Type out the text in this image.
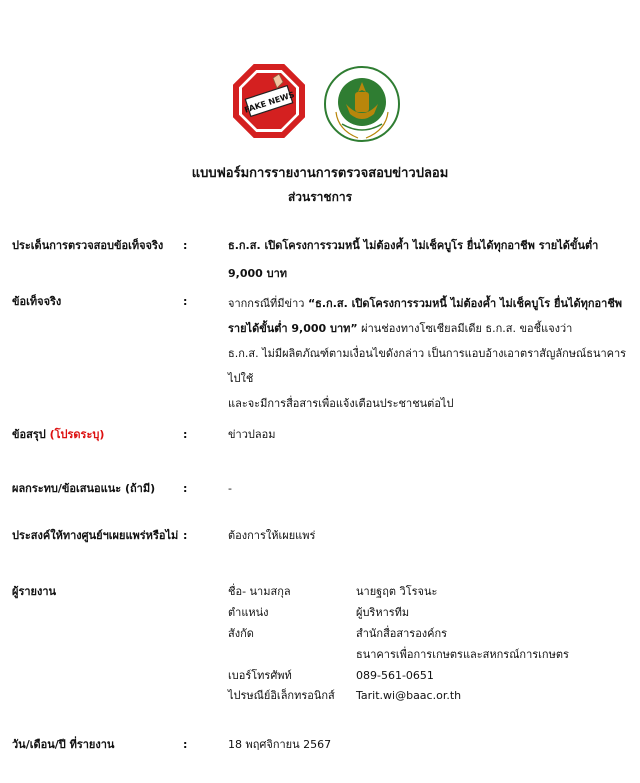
FAKE NEWS
แบบฟอร์มการรายงานการตรวจสอบข่าวปลอม
ส่วนราชการ
ประเด็นการตรวจสอบข้อเท็จจริง :	ธ.ก.ส. เปิดโครงการรวมหนี้ ไม่ต้องค้ำ ไม่เช็คบูโร ยื่นได้ทุกอาชีพ รายได้ขั้นต่ำ
9,000 บาท
ข้อเท็จจริง	:	จากกรณีที่มีข่าว “ธ.ก.ส. เปิดโครงการรวมหนี้ ไม่ต้องค้ำ ไม่เช็คบูโร ยื่นได้ทุกอาชีพ
รายได้ขั้นต่ำ 9,000 บาท” ผ่านช่องทางโซเชียลมีเดีย ธ.ก.ส. ขอชี้แจงว่า
ธ.ก.ส. ไม่มีผลิตภัณฑ์ตามเงื่อนไขดังกล่าว เป็นการแอบอ้างเอาตราสัญลักษณ์ธนาคารไปใช้
และจะมีการสื่อสารเพื่อแจ้งเตือนประชาชนต่อไป
ข้อสรุป (โปรดระบุ)	:	ข่าวปลอม
ผลกระทบ/ข้อเสนอแนะ (ถ้ามี)	:	-
ประสงค์ให้ทางศูนย์ฯเผยแพร่หรือไม่ :	ต้องการให้เผยแพร่
ผู้รายงาน	ชื่อ- นามสกุล	นายฐฤต วิโรจนะ
ตำแหน่ง	ผู้บริหารทีม
สังกัด	สำนักสื่อสารองค์กร
ธนาคารเพื่อการเกษตรและสหกรณ์การเกษตร
เบอร์โทรศัพท์	089-561-0651
ไปรษณีย์อิเล็กทรอนิกส์ Tarit.wi@baac.or.th
วัน/เดือน/ปี ที่รายงาน	:	18 พฤศจิกายน 2567
